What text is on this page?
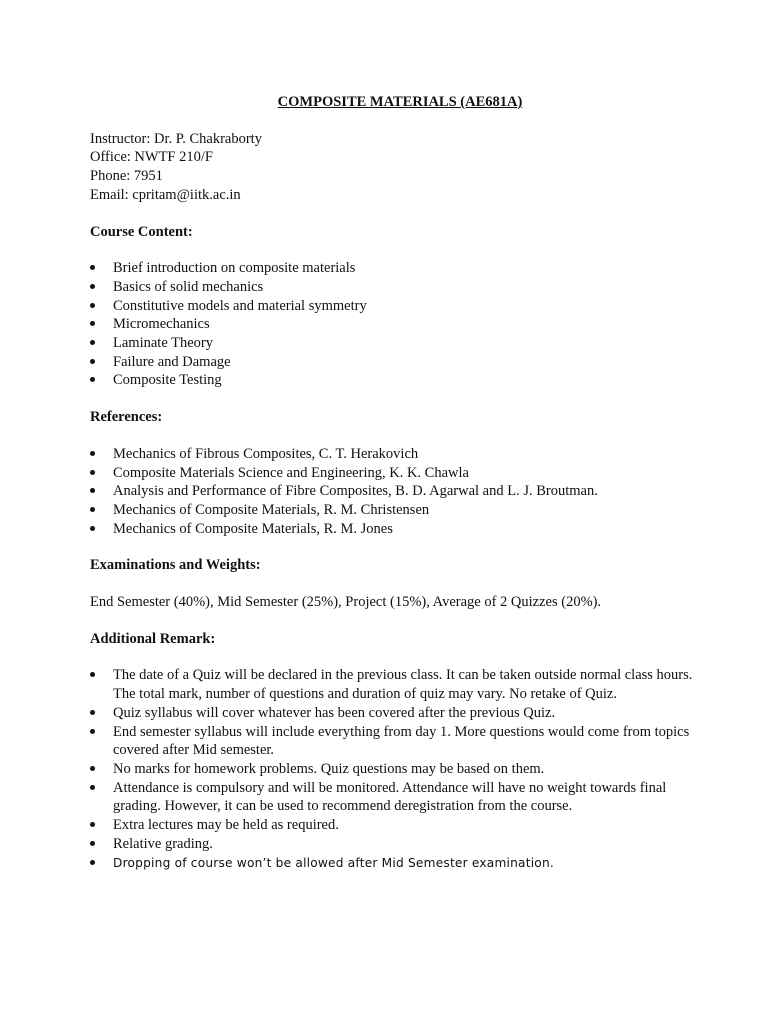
COMPOSITE MATERIALS (AE681A)
Instructor: Dr. P. Chakraborty
Office: NWTF 210/F
Phone: 7951
Email: cpritam@iitk.ac.in
Course Content:
Brief introduction on composite materials
Basics of solid mechanics
Constitutive models and material symmetry
Micromechanics
Laminate Theory
Failure and Damage
Composite Testing
References:
Mechanics of Fibrous Composites, C. T. Herakovich
Composite Materials Science and Engineering, K. K. Chawla
Analysis and Performance of Fibre Composites, B. D. Agarwal and L. J. Broutman.
Mechanics of Composite Materials, R. M. Christensen
Mechanics of Composite Materials, R. M. Jones
Examinations and Weights:
End Semester (40%), Mid Semester (25%), Project (15%), Average of 2 Quizzes (20%).
Additional Remark:
The date of a Quiz will be declared in the previous class. It can be taken outside normal class hours. The total mark, number of questions and duration of quiz may vary. No retake of Quiz.
Quiz syllabus will cover whatever has been covered after the previous Quiz.
End semester syllabus will include everything from day 1. More questions would come from topics covered after Mid semester.
No marks for homework problems. Quiz questions may be based on them.
Attendance is compulsory and will be monitored. Attendance will have no weight towards final grading. However, it can be used to recommend deregistration from the course.
Extra lectures may be held as required.
Relative grading.
Dropping of course won’t be allowed after Mid Semester examination.
